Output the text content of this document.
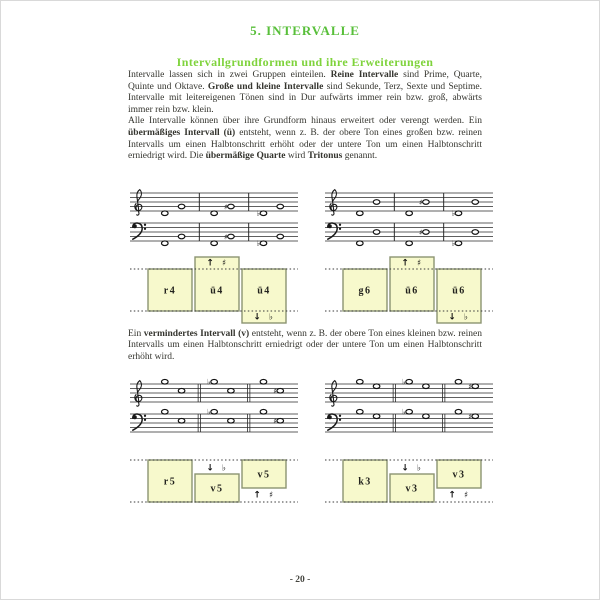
5. INTERVALLE
Intervallgrundformen und ihre Erweiterungen

Intervalle lassen sich in zwei Gruppen einteilen. Reine Intervalle sind Prime, Quarte, Quinte und Oktave. Große und kleine Intervalle sind Sekunde, Terz, Sexte und Septime. Intervalle mit leitereigenen Tönen sind in Dur aufwärts immer rein bzw. groß, abwärts immer rein bzw. klein.

Alle Intervalle können über ihre Grundform hinaus erweitert oder verengt werden. Ein übermäßiges Intervall (ü) entsteht, wenn z. B. der obere Ton eines großen bzw. reinen Intervalls um einen Halbtonschritt erhöht oder der untere Ton um einen Halbtonschritt erniedrigt wird. Die übermäßige Quarte wird Tritonus genannt.

♯
♭
♯
♭
♯
♭
♯
♭
r4	ü4
↑ ♯
ü4
↓ ♭
g6	ü6
↑ ♯
ü6
↓ ♭

Ein vermindertes Intervall (v) entsteht, wenn z. B. der obere Ton eines kleinen bzw. reinen Intervalls um einen Halbtonschritt erniedrigt oder der untere Ton um einen Halbtonschritt erhöht wird.

♭
♯
♭
♯
♭	♯
♭	♯
r5
v5
↓ ♭
v5
↑ ♯
k3
v3
↓ ♭
v3
↑ ♯
- 20 -
